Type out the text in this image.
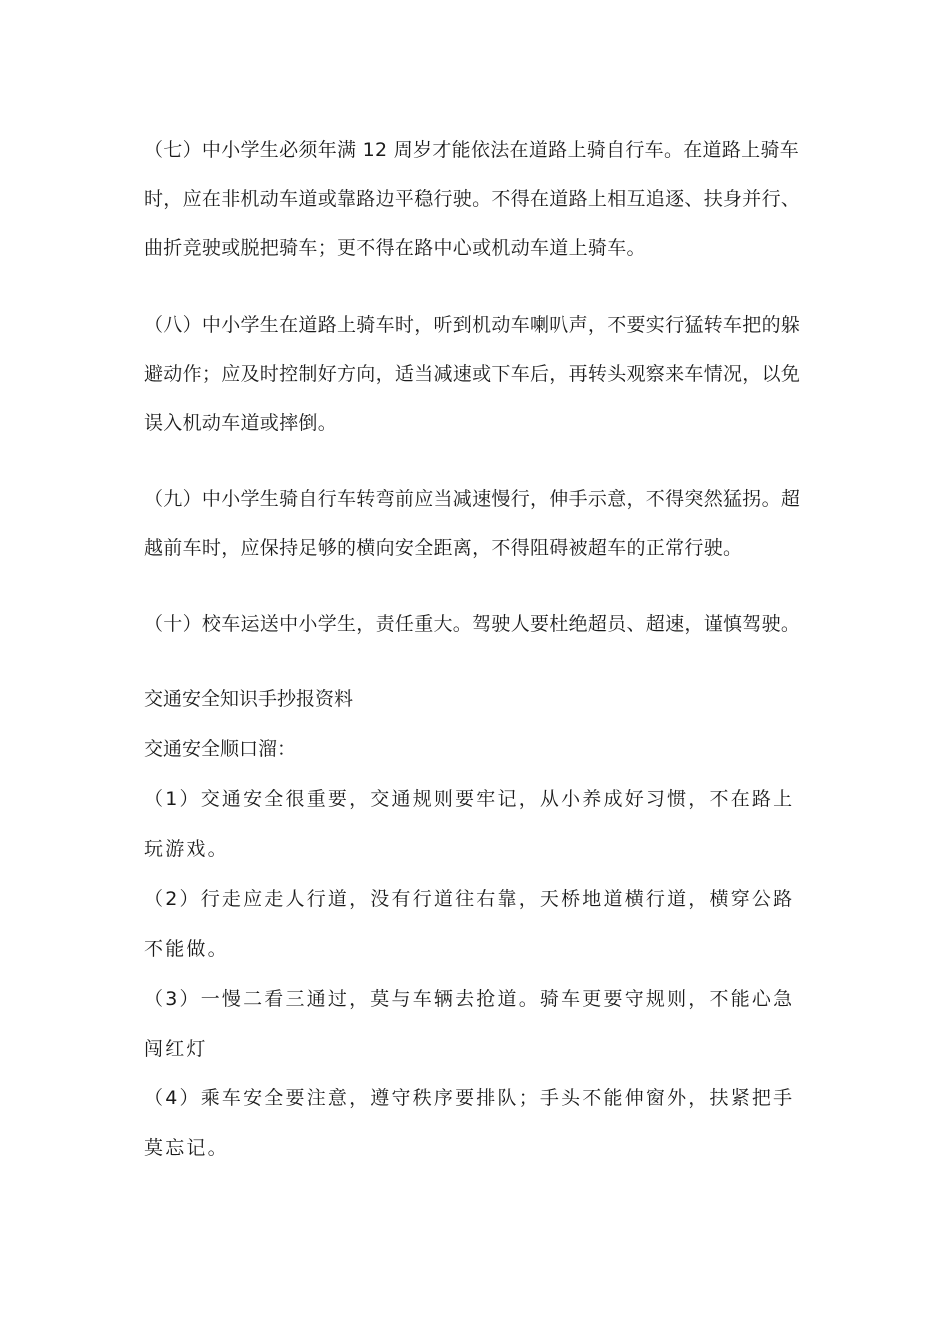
（七）中小学生必须年满 12 周岁才能依法在道路上骑自行车。在道路上骑车时，应在非机动车道或靠路边平稳行驶。不得在道路上相互追逐、扶身并行、曲折竞驶或脱把骑车；更不得在路中心或机动车道上骑车。

（八）中小学生在道路上骑车时，听到机动车喇叭声，不要实行猛转车把的躲避动作；应及时控制好方向，适当减速或下车后，再转头观察来车情况，以免误入机动车道或摔倒。

（九）中小学生骑自行车转弯前应当减速慢行，伸手示意，不得突然猛拐。超越前车时，应保持足够的横向安全距离，不得阻碍被超车的正常行驶。

（十）校车运送中小学生，责任重大。驾驶人要杜绝超员、超速，谨慎驾驶。

交通安全知识手抄报资料

交通安全顺口溜：

（1）交通安全很重要，交通规则要牢记，从小养成好习惯，不在路上玩游戏。

（2）行走应走人行道，没有行道往右靠，天桥地道横行道，横穿公路不能做。

（3）一慢二看三通过，莫与车辆去抢道。骑车更要守规则，不能心急闯红灯

（4）乘车安全要注意，遵守秩序要排队；手头不能伸窗外，扶紧把手莫忘记。
